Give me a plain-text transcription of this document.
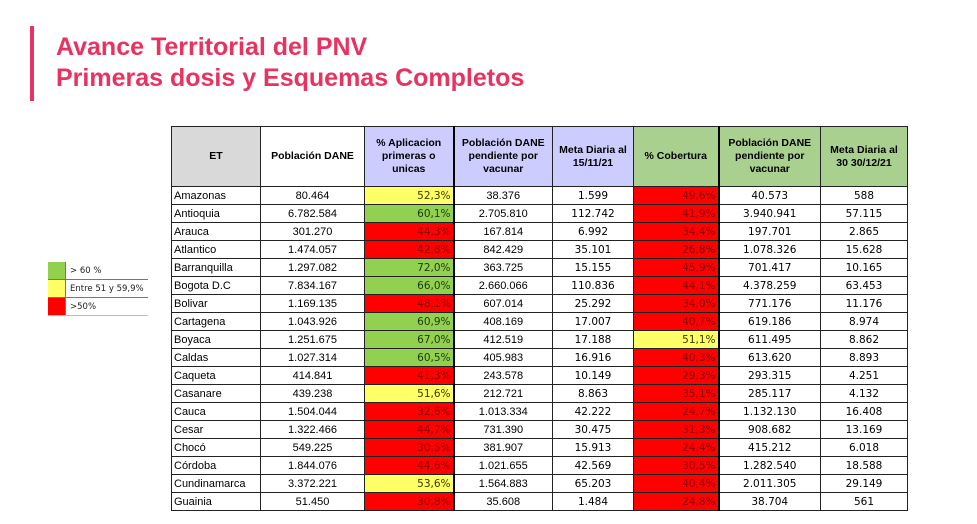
Avance Territorial del PNV
Primeras dosis y Esquemas Completos
> 60 %
Entre 51 y 59,9%
>50%
ET	Población DANE	% Aplicacion primeras o unicas	Población DANE pendiente por vacunar	Meta Diaria al 15/11/21	% Cobertura	Población DANE pendiente por vacunar	Meta Diaria al 30 30/12/21
Amazonas	80.464	52,3%	38.376	1.599	49,6%	40.573	588
Antioquia	6.782.584	60,1%	2.705.810	112.742	41,9%	3.940.941	57.115
Arauca	301.270	44,3%	167.814	6.992	34,4%	197.701	2.865
Atlantico	1.474.057	42,8%	842.429	35.101	26,8%	1.078.326	15.628
Barranquilla	1.297.082	72,0%	363.725	15.155	45,9%	701.417	10.165
Bogota D.C	7.834.167	66,0%	2.660.066	110.836	44,1%	4.378.259	63.453
Bolivar	1.169.135	48,1%	607.014	25.292	34,0%	771.176	11.176
Cartagena	1.043.926	60,9%	408.169	17.007	40,7%	619.186	8.974
Boyaca	1.251.675	67,0%	412.519	17.188	51,1%	611.495	8.862
Caldas	1.027.314	60,5%	405.983	16.916	40,3%	613.620	8.893
Caqueta	414.841	41,3%	243.578	10.149	29,3%	293.315	4.251
Casanare	439.238	51,6%	212.721	8.863	35,1%	285.117	4.132
Cauca	1.504.044	32,6%	1.013.334	42.222	24,7%	1.132.130	16.408
Cesar	1.322.466	44,7%	731.390	30.475	31,3%	908.682	13.169
Chocó	549.225	30,5%	381.907	15.913	24,4%	415.212	6.018
Córdoba	1.844.076	44,6%	1.021.655	42.569	30,5%	1.282.540	18.588
Cundinamarca	3.372.221	53,6%	1.564.883	65.203	40,4%	2.011.305	29.149
Guainia	51.450	30,8%	35.608	1.484	24,8%	38.704	561
